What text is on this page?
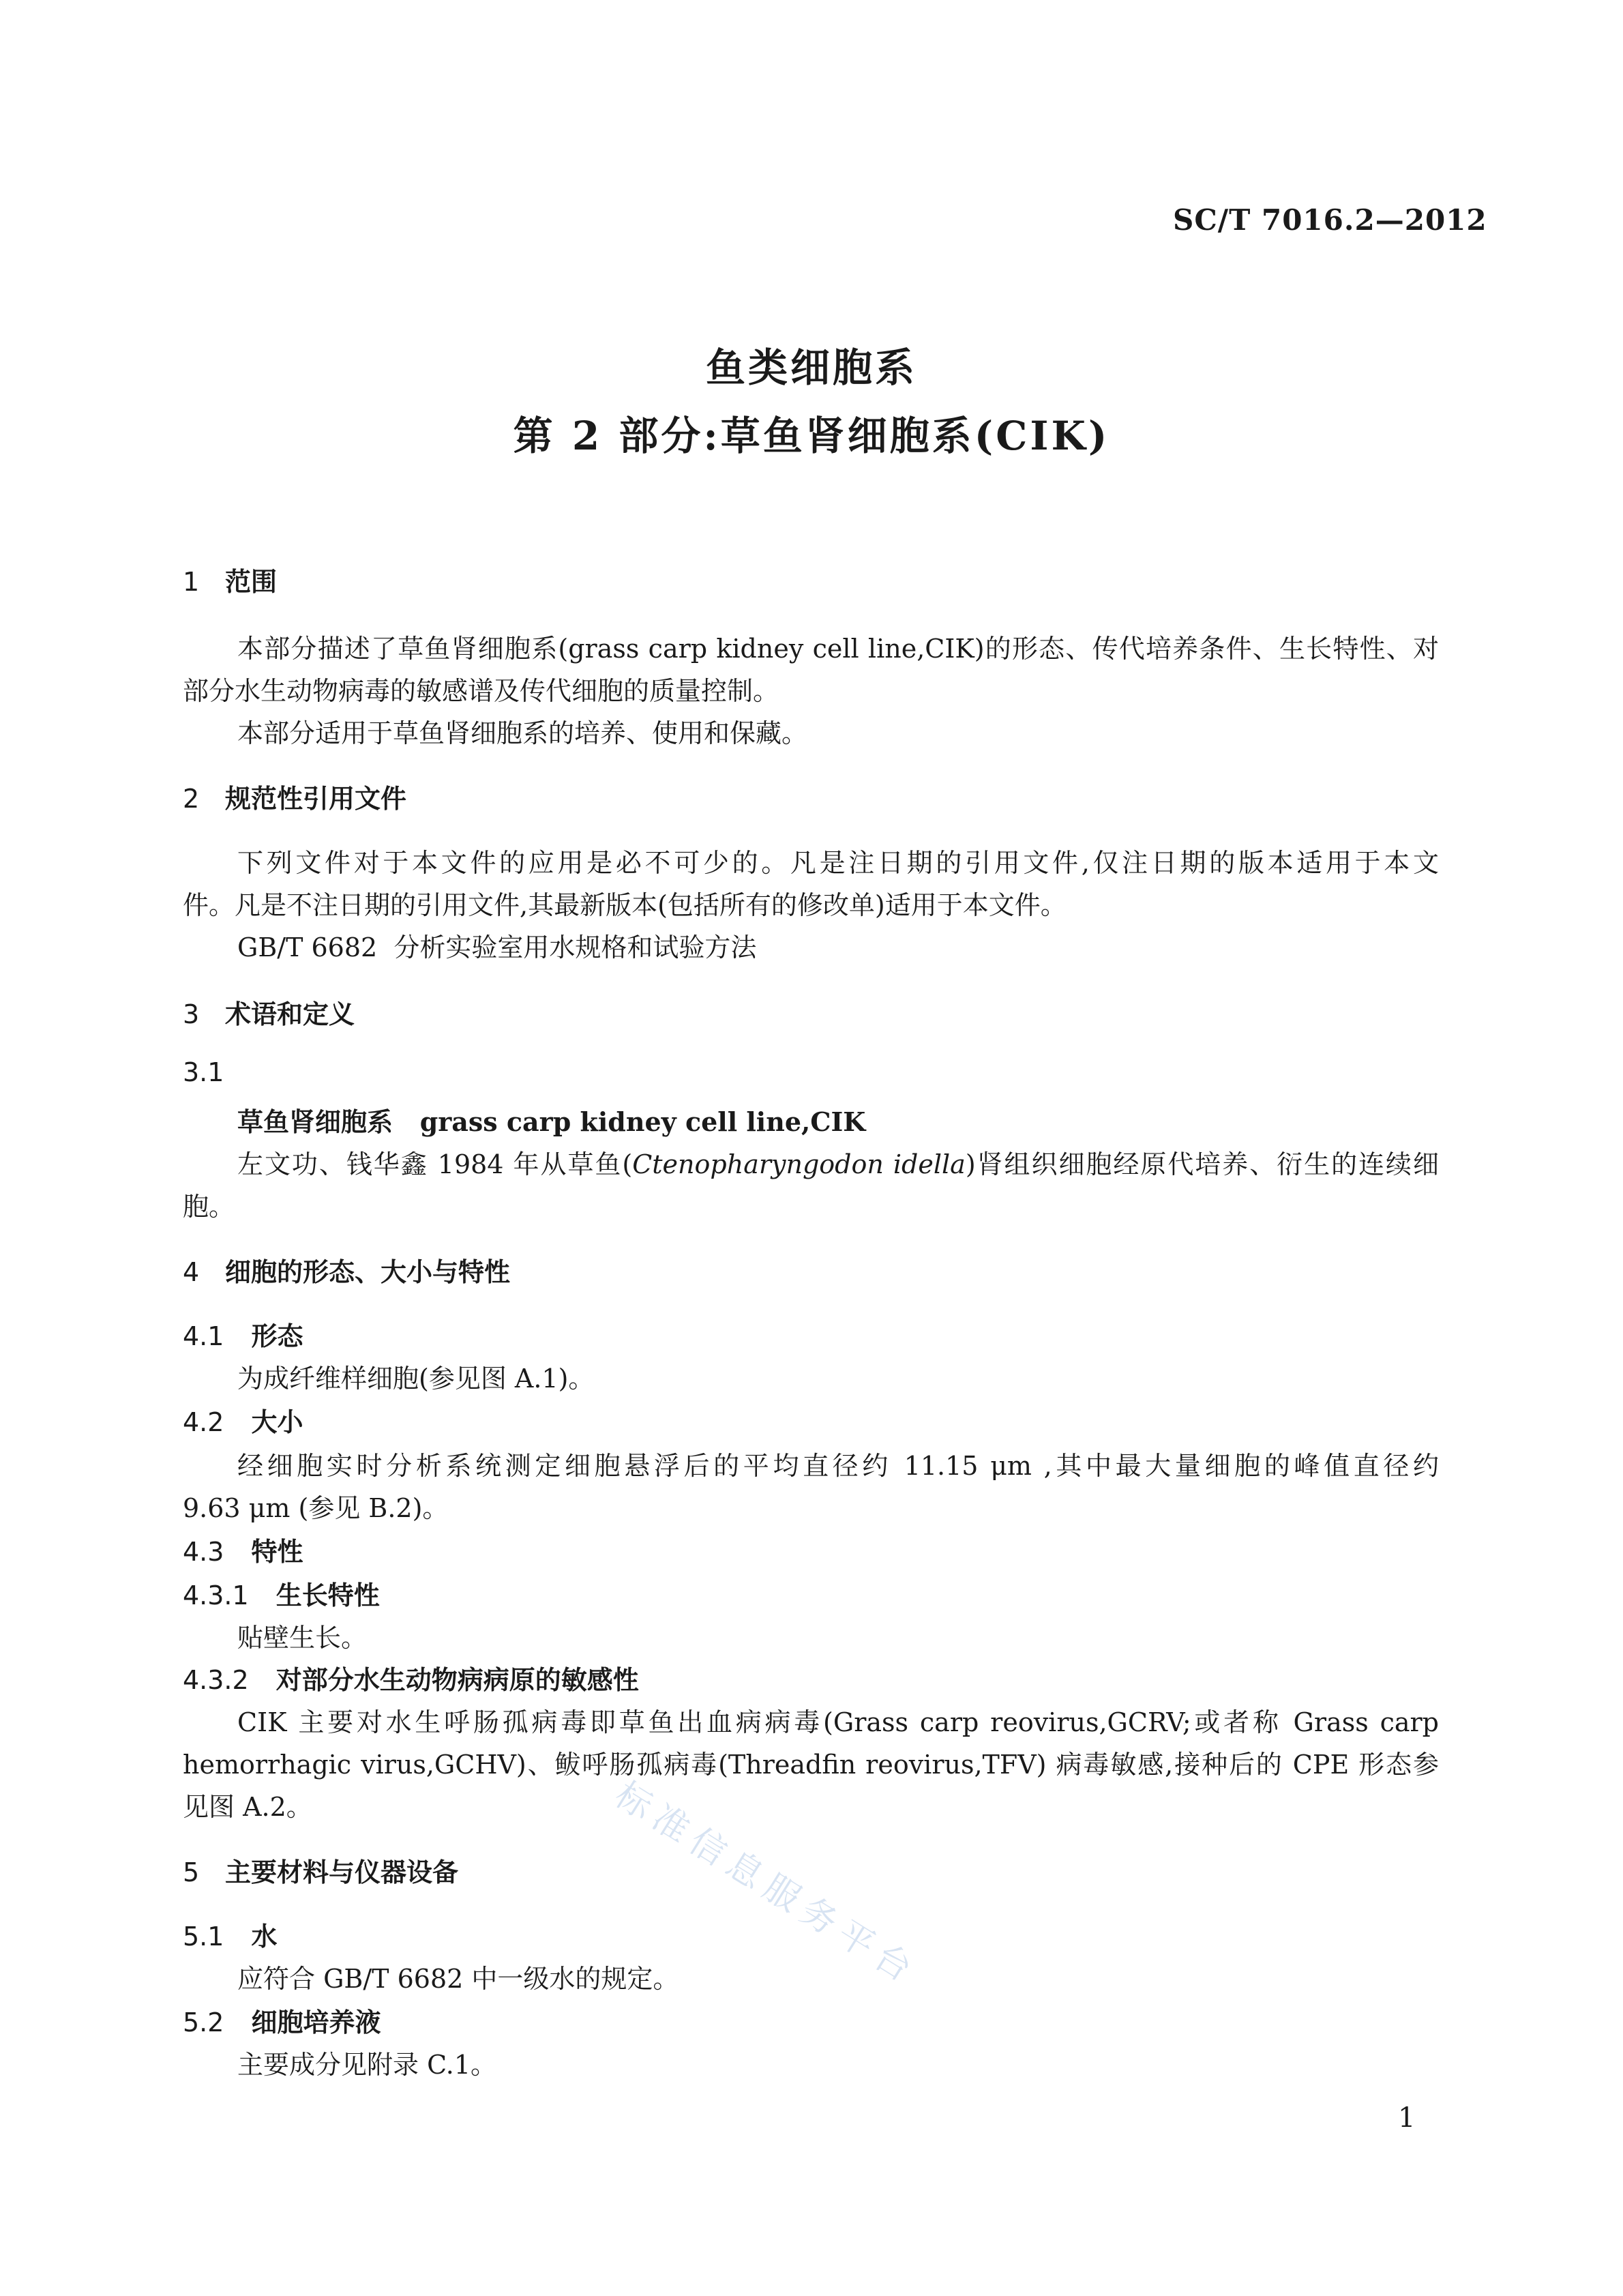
SC/T 7016.2—2012
鱼类细胞系
第 2 部分:草鱼肾细胞系(CIK)
1 范围
本部分描述了草鱼肾细胞系(grass carp kidney cell line,CIK)的形态、传代培养条件、生长特性、对
部分水生动物病毒的敏感谱及传代细胞的质量控制。
本部分适用于草鱼肾细胞系的培养、使用和保藏。
2 规范性引用文件
下列文件对于本文件的应用是必不可少的。凡是注日期的引用文件,仅注日期的版本适用于本文
件。凡是不注日期的引用文件,其最新版本(包括所有的修改单)适用于本文件。
GB/T 6682  分析实验室用水规格和试验方法
3 术语和定义
3.1
草鱼肾细胞系   grass carp kidney cell line,CIK
左文功、钱华鑫 1984 年从草鱼(Ctenopharyngodon idella)肾组织细胞经原代培养、衍生的连续细
胞。
4 细胞的形态、大小与特性
4.1 形态
为成纤维样细胞(参见图 A.1)。
4.2 大小
经细胞实时分析系统测定细胞悬浮后的平均直径约 11.15 μm ,其中最大量细胞的峰值直径约
9.63 μm (参见 B.2)。
4.3 特性
4.3.1 生长特性
贴壁生长。
4.3.2 对部分水生动物病病原的敏感性
CIK 主要对水生呼肠孤病毒即草鱼出血病病毒(Grass carp reovirus,GCRV;或者称 Grass carp
hemorrhagic virus,GCHV)、鲅呼肠孤病毒(Threadfin reovirus,TFV) 病毒敏感,接种后的 CPE 形态参
见图 A.2。
5 主要材料与仪器设备
5.1 水
应符合 GB/T 6682 中一级水的规定。
5.2 细胞培养液
主要成分见附录 C.1。
标准信息服务平台
1
